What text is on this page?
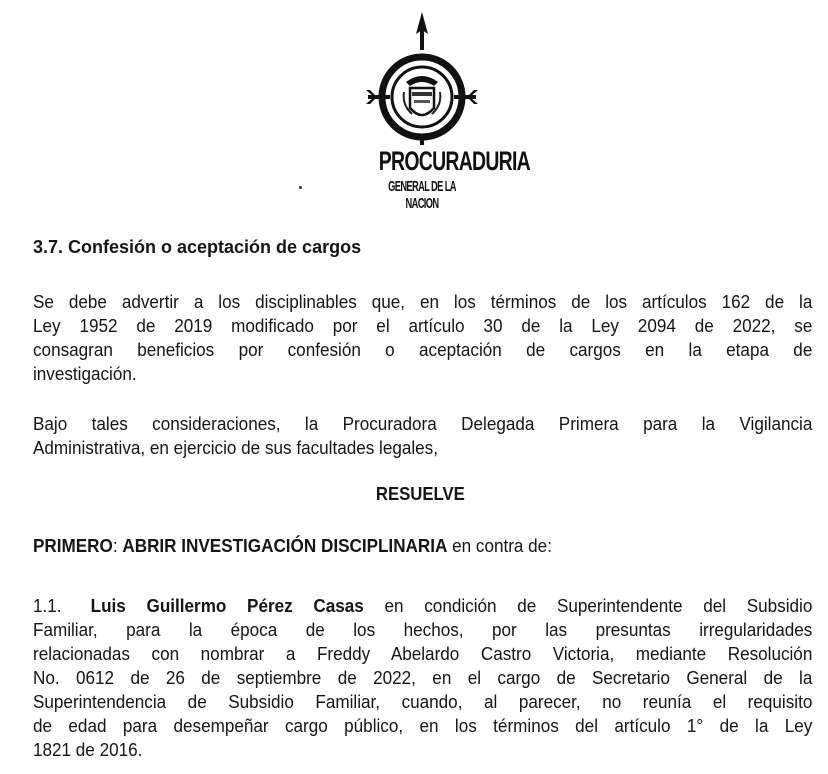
PROCURADURIA
GENERAL DE LA NACION
3.7. Confesión o aceptación de cargos
Se debe advertir a los disciplinables que, en los términos de los artículos 162 de la
Ley 1952 de 2019 modificado por el artículo 30 de la Ley 2094 de 2022, se
consagran beneficios por confesión o aceptación de cargos en la etapa de
investigación.
Bajo tales consideraciones, la Procuradora Delegada Primera para la Vigilancia
Administrativa, en ejercicio de sus facultades legales,
RESUELVE
PRIMERO: ABRIR INVESTIGACIÓN DISCIPLINARIA en contra de:
1.1. Luis Guillermo Pérez Casas en condición de Superintendente del Subsidio
Familiar, para la época de los hechos, por las presuntas irregularidades
relacionadas con nombrar a Freddy Abelardo Castro Victoria, mediante Resolución
No. 0612 de 26 de septiembre de 2022, en el cargo de Secretario General de la
Superintendencia de Subsidio Familiar, cuando, al parecer, no reunía el requisito
de edad para desempeñar cargo público, en los términos del artículo 1° de la Ley
1821 de 2016.
